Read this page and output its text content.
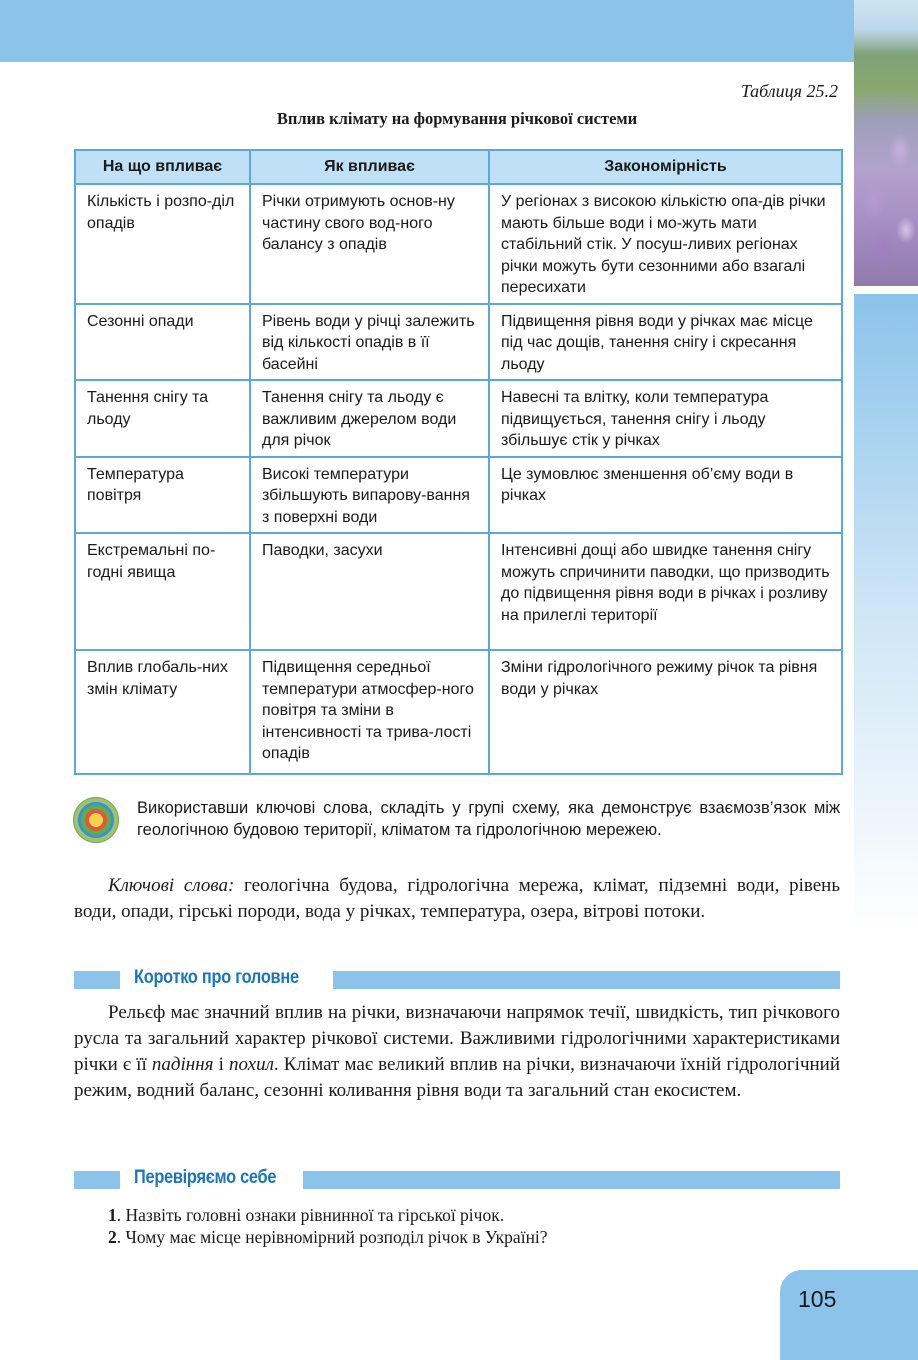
Таблиця 25.2
Вплив клімату на формування річкової системи
На що впливає	Як впливає	Закономірність
Кількість і розпо-діл опадів	Річки отримують основ-ну частину свого вод-ного балансу з опадів	У регіонах з високою кількістю опа-дів річки мають більше води і мо-жуть мати стабільний стік. У посуш-ливих регіонах річки можуть бути сезонними або взагалі пересихати
Сезонні опади	Рівень води у річці залежить від кількості опадів в її басейні	Підвищення рівня води у річках має місце під час дощів, танення снігу і скресання льоду
Танення снігу та льоду	Танення снігу та льоду є важливим джерелом води для річок	Навесні та влітку, коли температура підвищується, танення снігу і льоду збільшує стік у річках
Температура повітря	Високі температури збільшують випарову-вання з поверхні води	Це зумовлює зменшення об’єму води в річках
Екстремальні по-годні явища	Паводки, засухи	Інтенсивні дощі або швидке танення снігу можуть спричинити паводки, що призводить до підвищення рівня води в річках і розливу на прилеглі території
Вплив глобаль-них змін клімату	Підвищення середньої температури атмосфер-ного повітря та зміни в інтенсивності та трива-лості опадів	Зміни гідрологічного режиму річок та рівня води у річках
Використавши ключові слова, складіть у групі схему, яка демонструє взаємозв’язок між геологічною будовою території, кліматом та гідрологічною мережею.
Ключові слова: геологічна будова, гідрологічна мережа, клімат, підземні води, рівень води, опади, гірські породи, вода у річках, температура, озера, вітрові потоки.
Коротко про головне
Рельєф має значний вплив на річки, визначаючи напрямок течії, швидкість, тип річкового русла та загальний характер річкової системи. Важливими гідрологічними характеристиками річки є її падіння і похил. Клімат має великий вплив на річки, визначаючи їхній гідрологічний режим, водний баланс, сезонні коливання рівня води та загальний стан екосистем.
Перевіряємо себе
1. Назвіть головні ознаки рівнинної та гірської річок.
2. Чому має місце нерівномірний розподіл річок в Україні?
105
